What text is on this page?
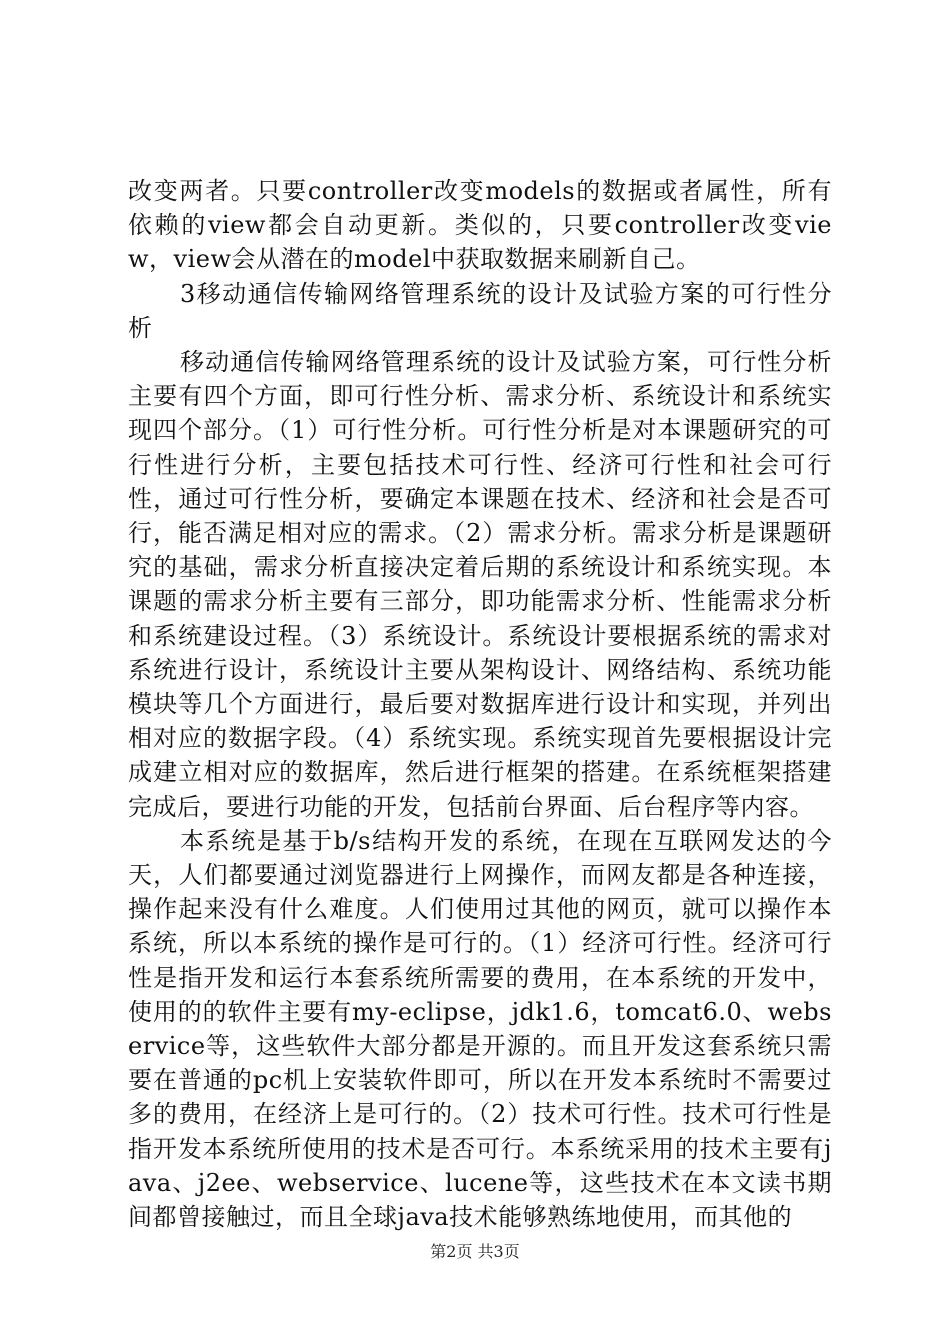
改变两者。只要controller改变models的数据或者属性，所有依赖的view都会自动更新。类似的，只要controller改变view，view会从潜在的model中获取数据来刷新自己。

3移动通信传输网络管理系统的设计及试验方案的可行性分析

移动通信传输网络管理系统的设计及试验方案，可行性分析主要有四个方面，即可行性分析、需求分析、系统设计和系统实现四个部分。（1）可行性分析。可行性分析是对本课题研究的可行性进行分析，主要包括技术可行性、经济可行性和社会可行性，通过可行性分析，要确定本课题在技术、经济和社会是否可行，能否满足相对应的需求。（2）需求分析。需求分析是课题研究的基础，需求分析直接决定着后期的系统设计和系统实现。本课题的需求分析主要有三部分，即功能需求分析、性能需求分析和系统建设过程。（3）系统设计。系统设计要根据系统的需求对系统进行设计，系统设计主要从架构设计、网络结构、系统功能模块等几个方面进行，最后要对数据库进行设计和实现，并列出相对应的数据字段。（4）系统实现。系统实现首先要根据设计完成建立相对应的数据库，然后进行框架的搭建。在系统框架搭建完成后，要进行功能的开发，包括前台界面、后台程序等内容。

本系统是基于b/s结构开发的系统，在现在互联网发达的今天，人们都要通过浏览器进行上网操作，而网友都是各种连接，操作起来没有什么难度。人们使用过其他的网页，就可以操作本系统，所以本系统的操作是可行的。（1）经济可行性。经济可行性是指开发和运行本套系统所需要的费用，在本系统的开发中，使用的的软件主要有my-eclipse，jdk1.6，tomcat6.0、webservice等，这些软件大部分都是开源的。而且开发这套系统只需要在普通的pc机上安装软件即可，所以在开发本系统时不需要过多的费用，在经济上是可行的。（2）技术可行性。技术可行性是指开发本系统所使用的技术是否可行。本系统采用的技术主要有java、j2ee、webservice、lucene等，这些技术在本文读书期间都曾接触过，而且全球java技术能够熟练地使用，而其他的

第2页 共3页
